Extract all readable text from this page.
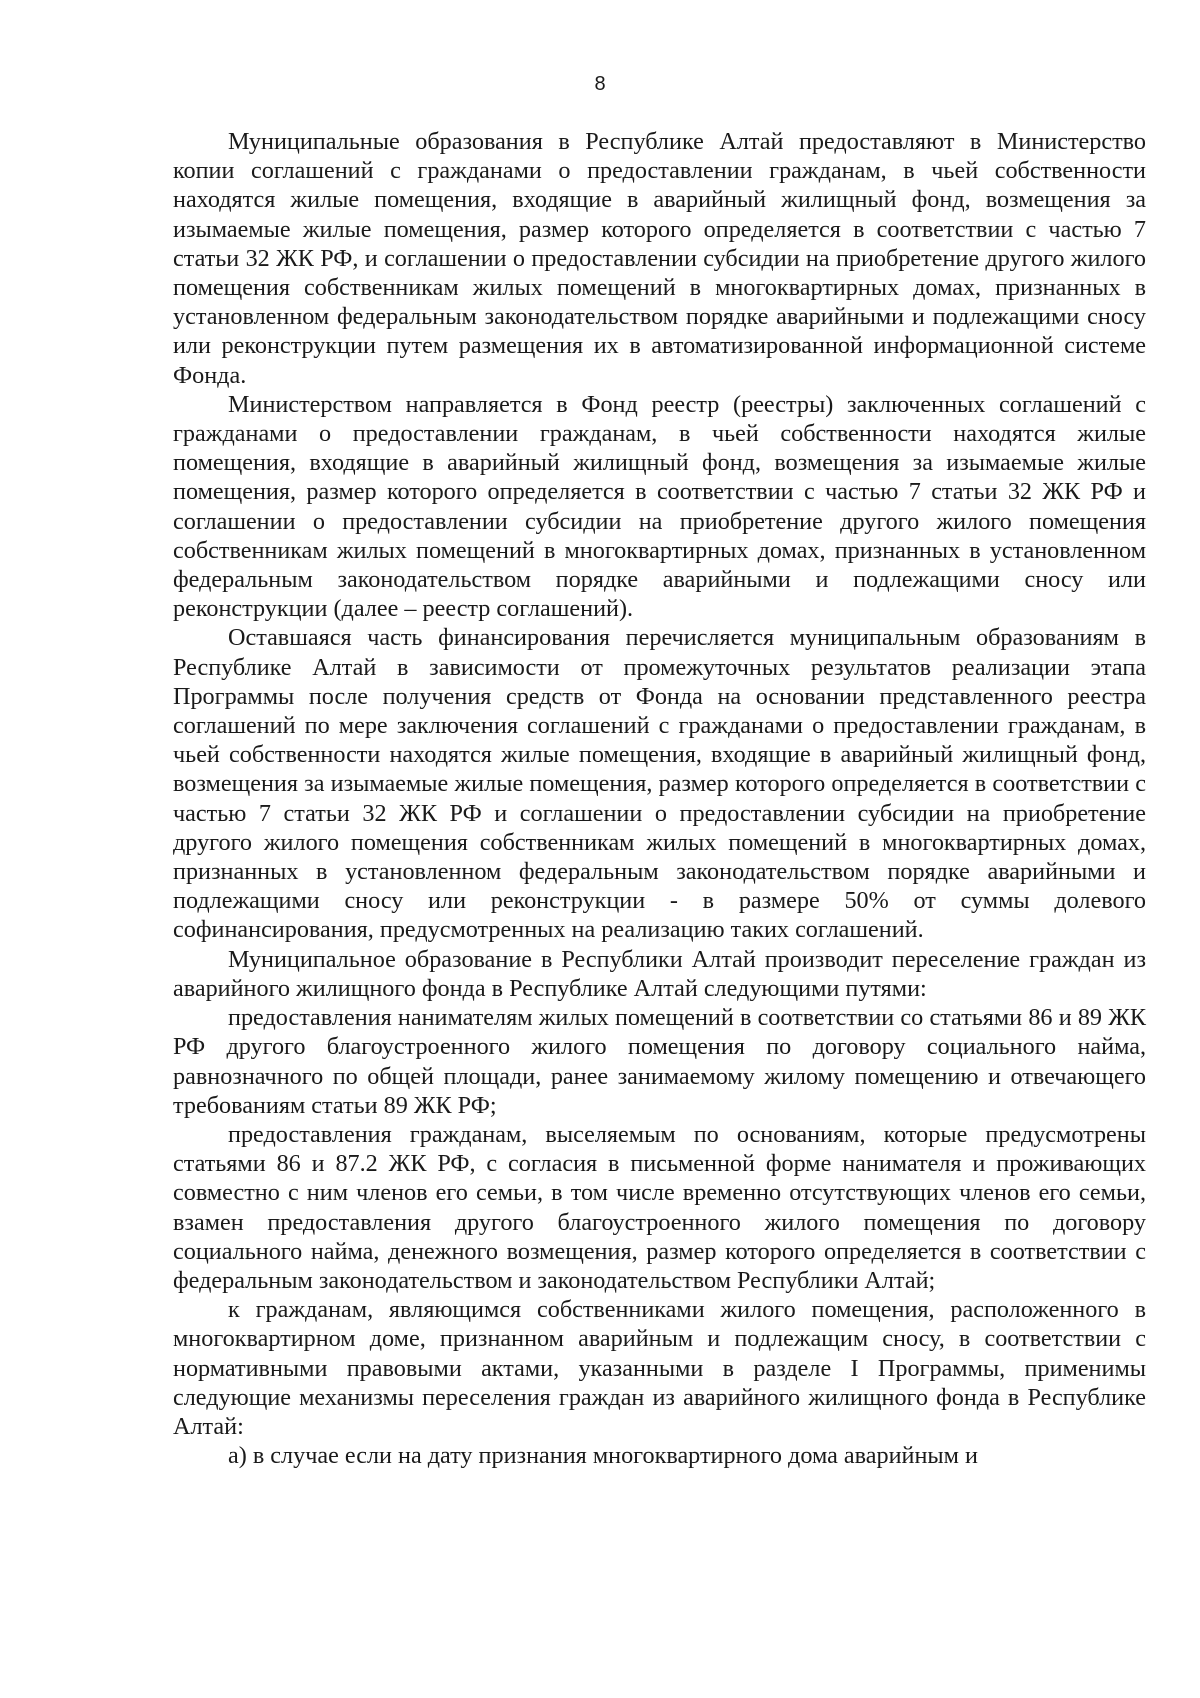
8

Муниципальные образования в Республике Алтай предоставляют в Министерство копии соглашений с гражданами о предоставлении гражданам, в чьей собственности находятся жилые помещения, входящие в аварийный жилищный фонд, возмещения за изымаемые жилые помещения, размер которого определяется в соответствии с частью 7 статьи 32 ЖК РФ, и соглашении о предоставлении субсидии на приобретение другого жилого помещения собственникам жилых помещений в многоквартирных домах, признанных в установленном федеральным законодательством порядке аварийными и подлежащими сносу или реконструкции путем размещения их в автоматизированной информационной системе Фонда.

Министерством направляется в Фонд реестр (реестры) заключенных соглашений с гражданами о предоставлении гражданам, в чьей собственности находятся жилые помещения, входящие в аварийный жилищный фонд, возмещения за изымаемые жилые помещения, размер которого определяется в соответствии с частью 7 статьи 32 ЖК РФ и соглашении о предоставлении субсидии на приобретение другого жилого помещения собственникам жилых помещений в многоквартирных домах, признанных в установленном федеральным законодательством порядке аварийными и подлежащими сносу или реконструкции (далее – реестр соглашений).

Оставшаяся часть финансирования перечисляется муниципальным образованиям в Республике Алтай в зависимости от промежуточных результатов реализации этапа Программы после получения средств от Фонда на основании представленного реестра соглашений по мере заключения соглашений с гражданами о предоставлении гражданам, в чьей собственности находятся жилые помещения, входящие в аварийный жилищный фонд, возмещения за изымаемые жилые помещения, размер которого определяется в соответствии с частью 7 статьи 32 ЖК РФ и соглашении о предоставлении субсидии на приобретение другого жилого помещения собственникам жилых помещений в многоквартирных домах, признанных в установленном федеральным законодательством порядке аварийными и подлежащими сносу или реконструкции - в размере 50% от суммы долевого софинансирования, предусмотренных на реализацию таких соглашений.

Муниципальное образование в Республики Алтай производит переселение граждан из аварийного жилищного фонда в Республике Алтай следующими путями:

предоставления нанимателям жилых помещений в соответствии со статьями 86 и 89 ЖК РФ другого благоустроенного жилого помещения по договору социального найма, равнозначного по общей площади, ранее занимаемому жилому помещению и отвечающего требованиям статьи 89 ЖК РФ;

предоставления гражданам, выселяемым по основаниям, которые предусмотрены статьями 86 и 87.2 ЖК РФ, с согласия в письменной форме нанимателя и проживающих совместно с ним членов его семьи, в том числе временно отсутствующих членов его семьи, взамен предоставления другого благоустроенного жилого помещения по договору социального найма, денежного возмещения, размер которого определяется в соответствии с федеральным законодательством и законодательством Республики Алтай;

к гражданам, являющимся собственниками жилого помещения, расположенного в многоквартирном доме, признанном аварийным и подлежащим сносу, в соответствии с нормативными правовыми актами, указанными в разделе I Программы, применимы следующие механизмы переселения граждан из аварийного жилищного фонда в Республике Алтай:

а) в случае если на дату признания многоквартирного дома аварийным и
